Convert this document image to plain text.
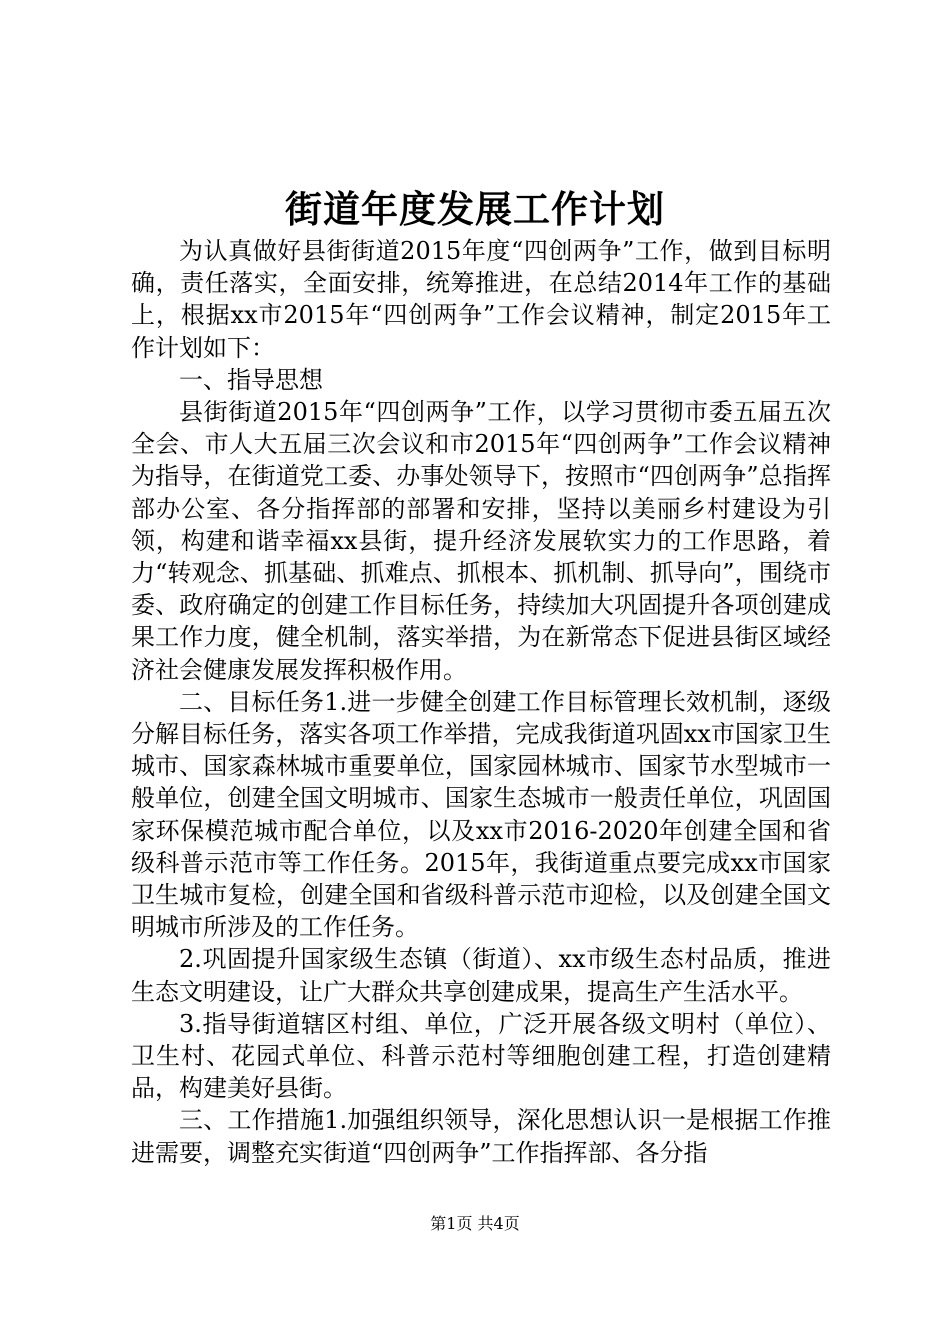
街道年度发展工作计划

为认真做好县街街道2015年度“四创两争”工作，做到目标明确，责任落实，全面安排，统筹推进，在总结2014年工作的基础上，根据xx市2015年“四创两争”工作会议精神，制定2015年工作计划如下：

一、指导思想

县街街道2015年“四创两争”工作，以学习贯彻市委五届五次全会、市人大五届三次会议和市2015年“四创两争”工作会议精神为指导，在街道党工委、办事处领导下，按照市“四创两争”总指挥部办公室、各分指挥部的部署和安排，坚持以美丽乡村建设为引领，构建和谐幸福xx县街，提升经济发展软实力的工作思路，着力“转观念、抓基础、抓难点、抓根本、抓机制、抓导向”，围绕市委、政府确定的创建工作目标任务，持续加大巩固提升各项创建成果工作力度，健全机制，落实举措，为在新常态下促进县街区域经济社会健康发展发挥积极作用。

二、目标任务1.进一步健全创建工作目标管理长效机制，逐级分解目标任务，落实各项工作举措，完成我街道巩固xx市国家卫生城市、国家森林城市重要单位，国家园林城市、国家节水型城市一般单位，创建全国文明城市、国家生态城市一般责任单位，巩固国家环保模范城市配合单位，以及xx市2016-2020年创建全国和省级科普示范市等工作任务。2015年，我街道重点要完成xx市国家卫生城市复检，创建全国和省级科普示范市迎检，以及创建全国文明城市所涉及的工作任务。

2.巩固提升国家级生态镇（街道）、xx市级生态村品质，推进生态文明建设，让广大群众共享创建成果，提高生产生活水平。

3.指导街道辖区村组、单位，广泛开展各级文明村（单位）、卫生村、花园式单位、科普示范村等细胞创建工程，打造创建精品，构建美好县街。

三、工作措施1.加强组织领导，深化思想认识一是根据工作推进需要，调整充实街道“四创两争”工作指挥部、各分指

第1页 共4页
